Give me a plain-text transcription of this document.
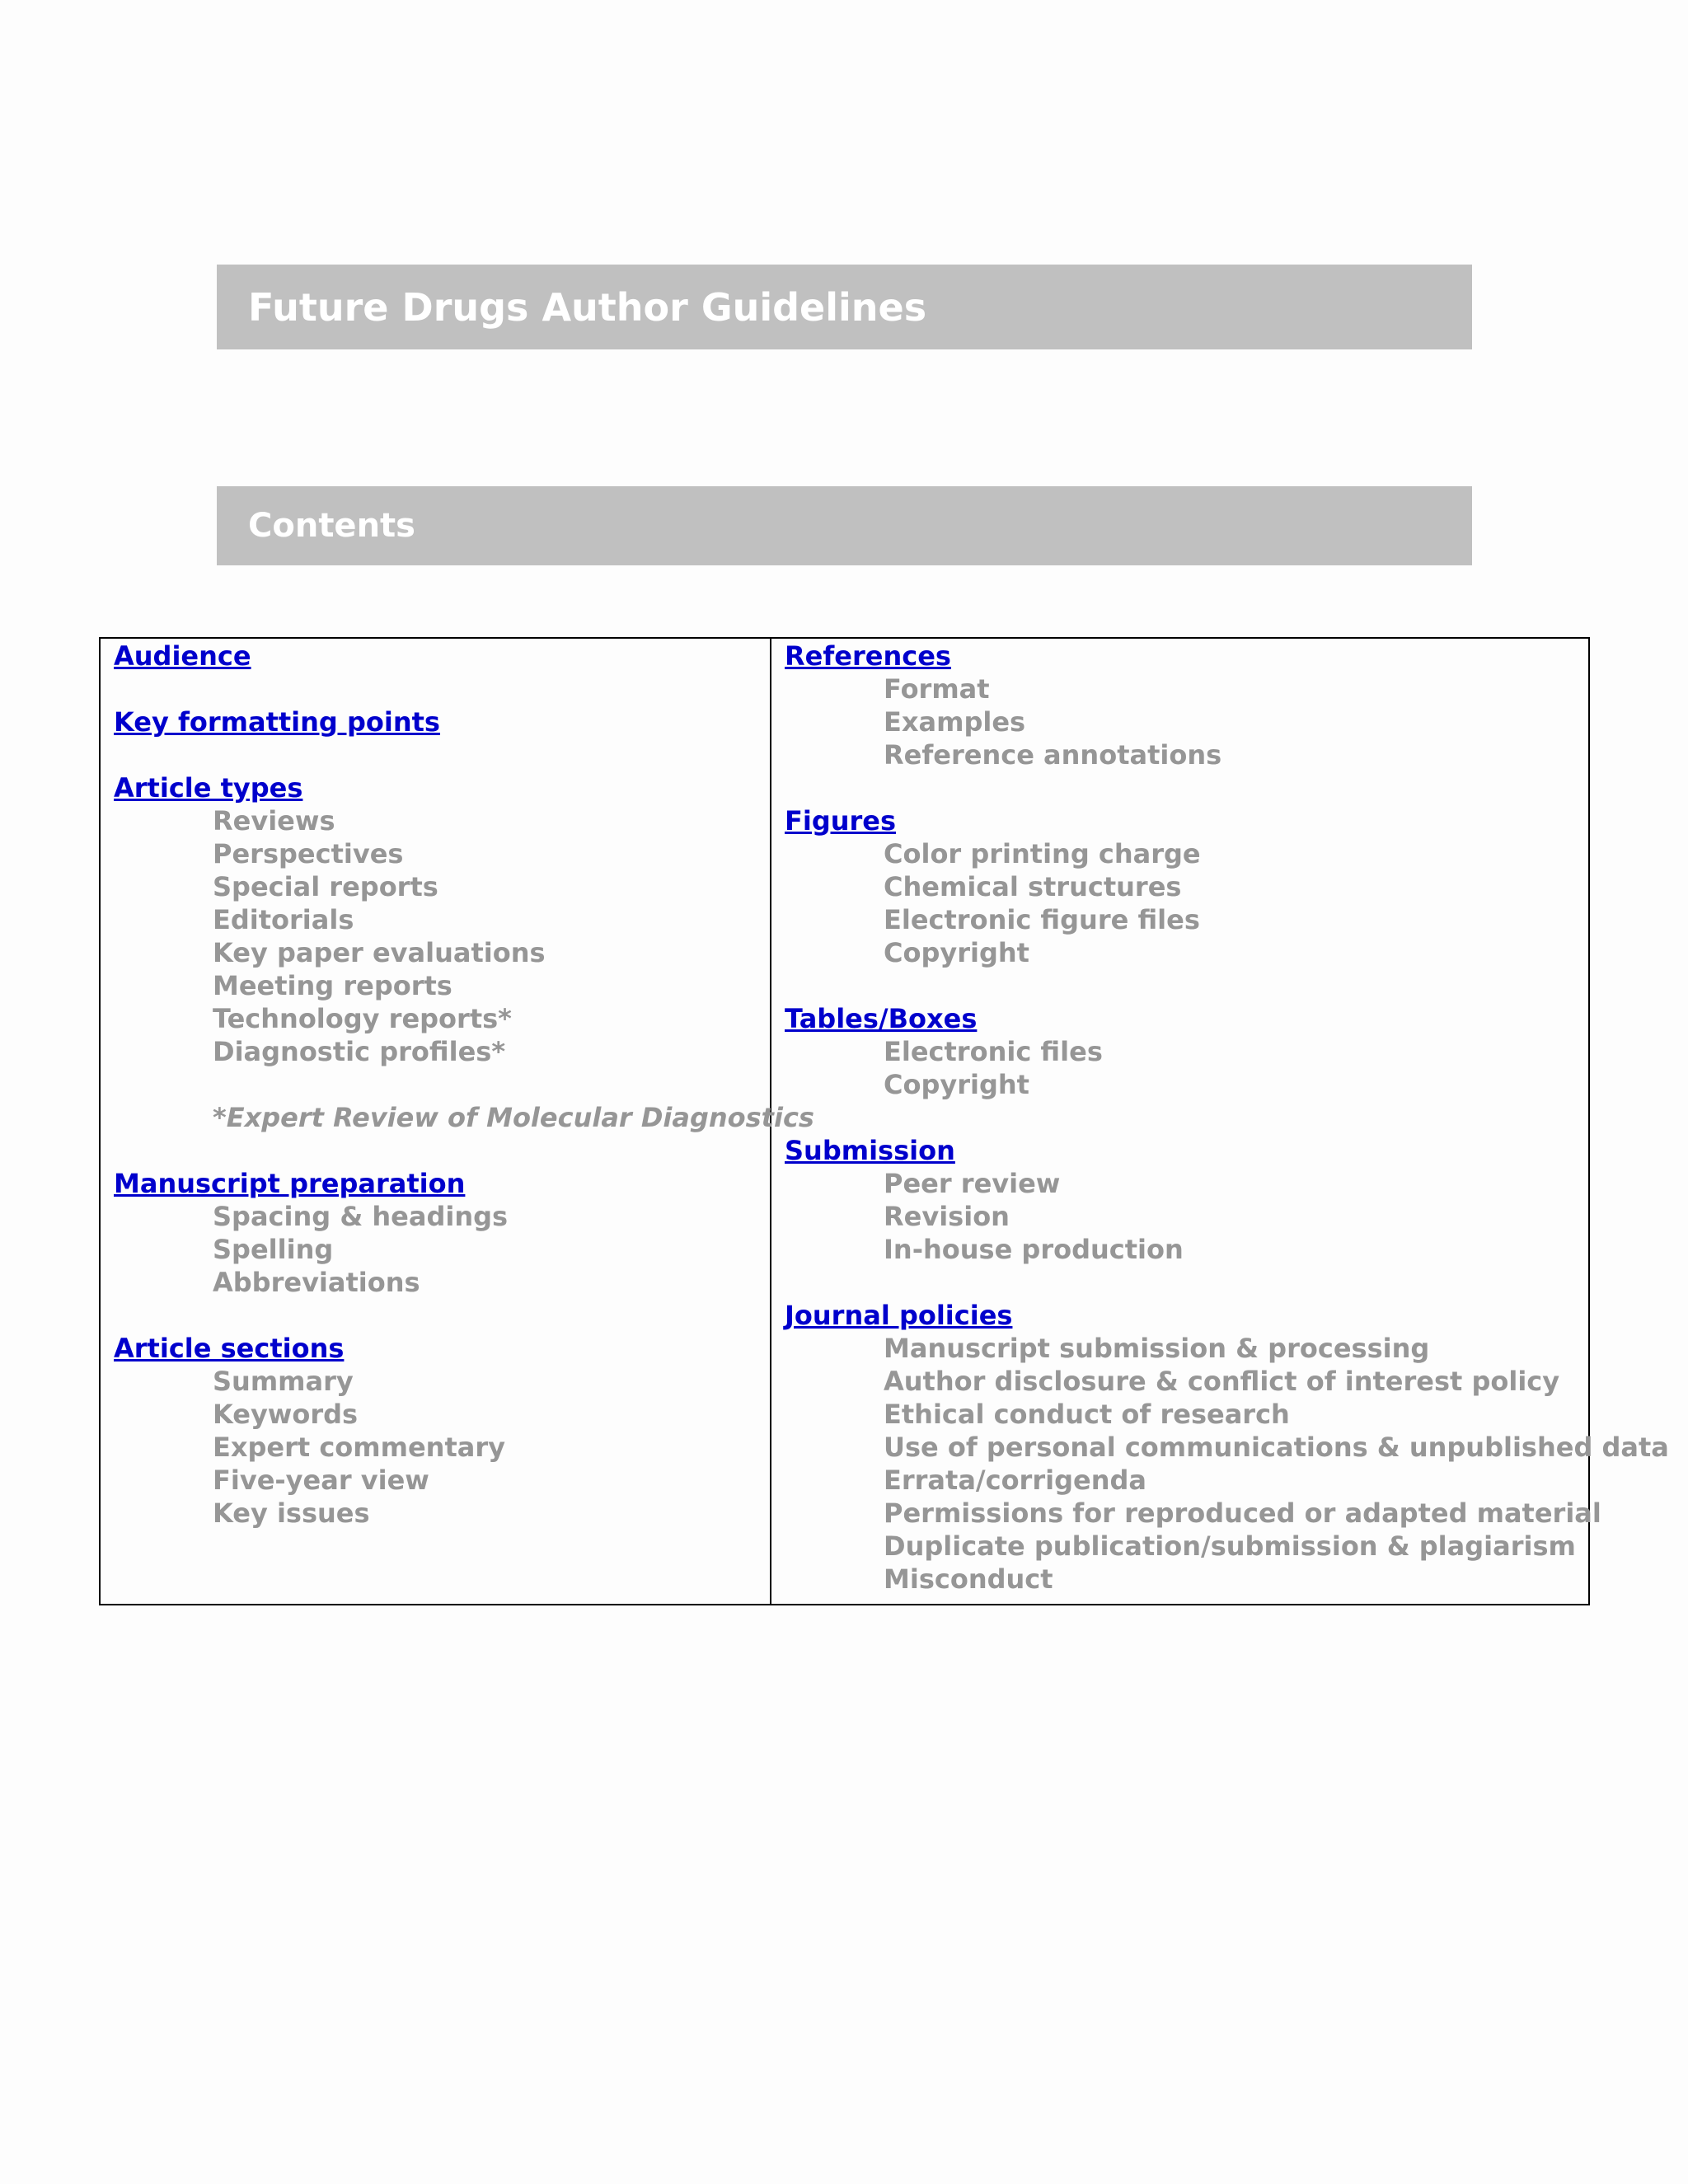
Future Drugs Author Guidelines
Contents
Audience
Key formatting points
Article types
Reviews
Perspectives
Special reports
Editorials
Key paper evaluations
Meeting reports
Technology reports*
Diagnostic profiles*
*Expert Review of Molecular Diagnostics
Manuscript preparation
Spacing & headings
Spelling
Abbreviations
Article sections
Summary
Keywords
Expert commentary
Five-year view
Key issues
References
Format
Examples
Reference annotations
Figures
Color printing charge
Chemical structures
Electronic figure files
Copyright
Tables/Boxes
Electronic files
Copyright
Submission
Peer review
Revision
In-house production
Journal policies
Manuscript submission & processing
Author disclosure & conflict of interest policy
Ethical conduct of research
Use of personal communications & unpublished data
Errata/corrigenda
Permissions for reproduced or adapted material
Duplicate publication/submission & plagiarism
Misconduct
